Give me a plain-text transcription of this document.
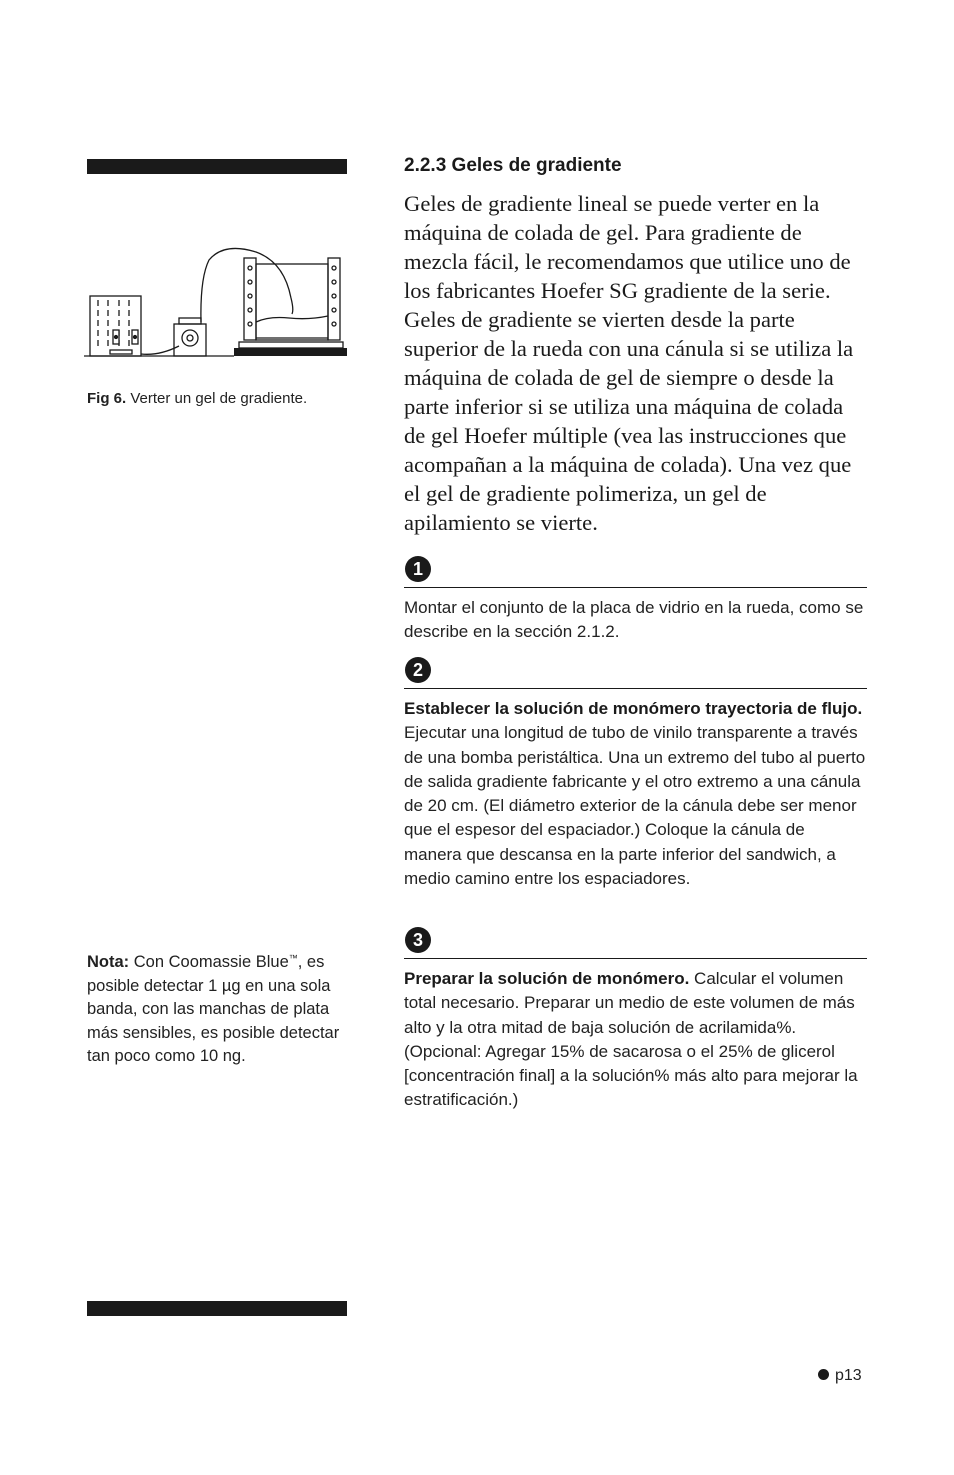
Fig 6. Verter un gel de gradiente.
Nota: Con Coomassie Blue™, es posible detectar 1 µg en una sola banda, con las manchas de plata más sensibles, es posible detectar tan poco como 10 ng.
2.2.3 Geles de gradiente

Geles de gradiente lineal se puede verter en la máquina de colada de gel. Para gradiente de mezcla fácil, le recomendamos que utilice uno de los fabricantes Hoefer SG gradiente de la serie. Geles de gradiente se vierten desde la parte superior de la rueda con una cánula si se utiliza la máquina de colada de gel de siempre o desde la parte inferior si se utiliza una máquina de colada de gel Hoefer múltiple (vea las instrucciones que acompañan a la máquina de colada). Una vez que el gel de gradiente polimeriza, un gel de apilamiento se vierte.

1

Montar el conjunto de la placa de vidrio en la rueda, como se describe en la sección 2.1.2.

2

Establecer la solución de monómero trayectoria de flujo. Ejecutar una longitud de tubo de vinilo transparente a través de una bomba peristáltica. Una un extremo del tubo al puerto de salida gradiente fabricante y el otro extremo a una cánula de 20 cm. (El diámetro exterior de la cánula debe ser menor que el espesor del espaciador.) Coloque la cánula de manera que descansa en la parte inferior del sandwich, a medio camino entre los espaciadores.

3

Preparar la solución de monómero. Calcular el volumen total necesario. Preparar un medio de este volumen de más alto y la otra mitad de baja solución de acrilamida%. (Opcional: Agregar 15% de sacarosa o el 25% de glicerol [concentración final] a la solución% más alto para mejorar la estratificación.)

p13
